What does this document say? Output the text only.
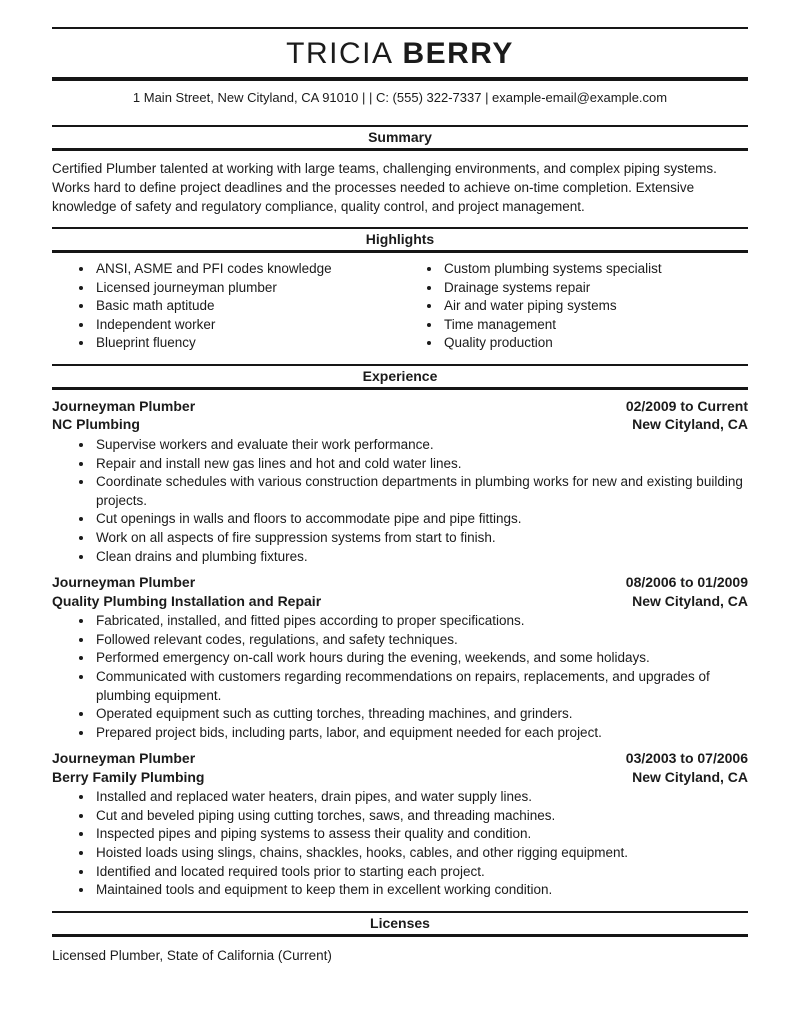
TRICIA BERRY
1 Main Street, New Cityland, CA 91010 | | C: (555) 322-7337 | example-email@example.com
Summary

Certified Plumber talented at working with large teams, challenging environments, and complex piping systems. Works hard to define project deadlines and the processes needed to achieve on-time completion. Extensive knowledge of safety and regulatory compliance, quality control, and project management.

Highlights
• ANSI, ASME and PFI codes knowledge
• Licensed journeyman plumber
• Basic math aptitude
• Independent worker
• Blueprint fluency
• Custom plumbing systems specialist
• Drainage systems repair
• Air and water piping systems
• Time management
• Quality production
Experience
Journeyman Plumber	02/2009 to Current
NC Plumbing	New Cityland, CA
• Supervise workers and evaluate their work performance.
• Repair and install new gas lines and hot and cold water lines.
• Coordinate schedules with various construction departments in plumbing works for new and existing building projects.
• Cut openings in walls and floors to accommodate pipe and pipe fittings.
• Work on all aspects of fire suppression systems from start to finish.
• Clean drains and plumbing fixtures.
Journeyman Plumber	08/2006 to 01/2009
Quality Plumbing Installation and Repair	New Cityland, CA
• Fabricated, installed, and fitted pipes according to proper specifications.
• Followed relevant codes, regulations, and safety techniques.
• Performed emergency on-call work hours during the evening, weekends, and some holidays.
• Communicated with customers regarding recommendations on repairs, replacements, and upgrades of plumbing equipment.
• Operated equipment such as cutting torches, threading machines, and grinders.
• Prepared project bids, including parts, labor, and equipment needed for each project.
Journeyman Plumber	03/2003 to 07/2006
Berry Family Plumbing	New Cityland, CA
• Installed and replaced water heaters, drain pipes, and water supply lines.
• Cut and beveled piping using cutting torches, saws, and threading machines.
• Inspected pipes and piping systems to assess their quality and condition.
• Hoisted loads using slings, chains, shackles, hooks, cables, and other rigging equipment.
• Identified and located required tools prior to starting each project.
• Maintained tools and equipment to keep them in excellent working condition.
Licenses

Licensed Plumber, State of California (Current)
